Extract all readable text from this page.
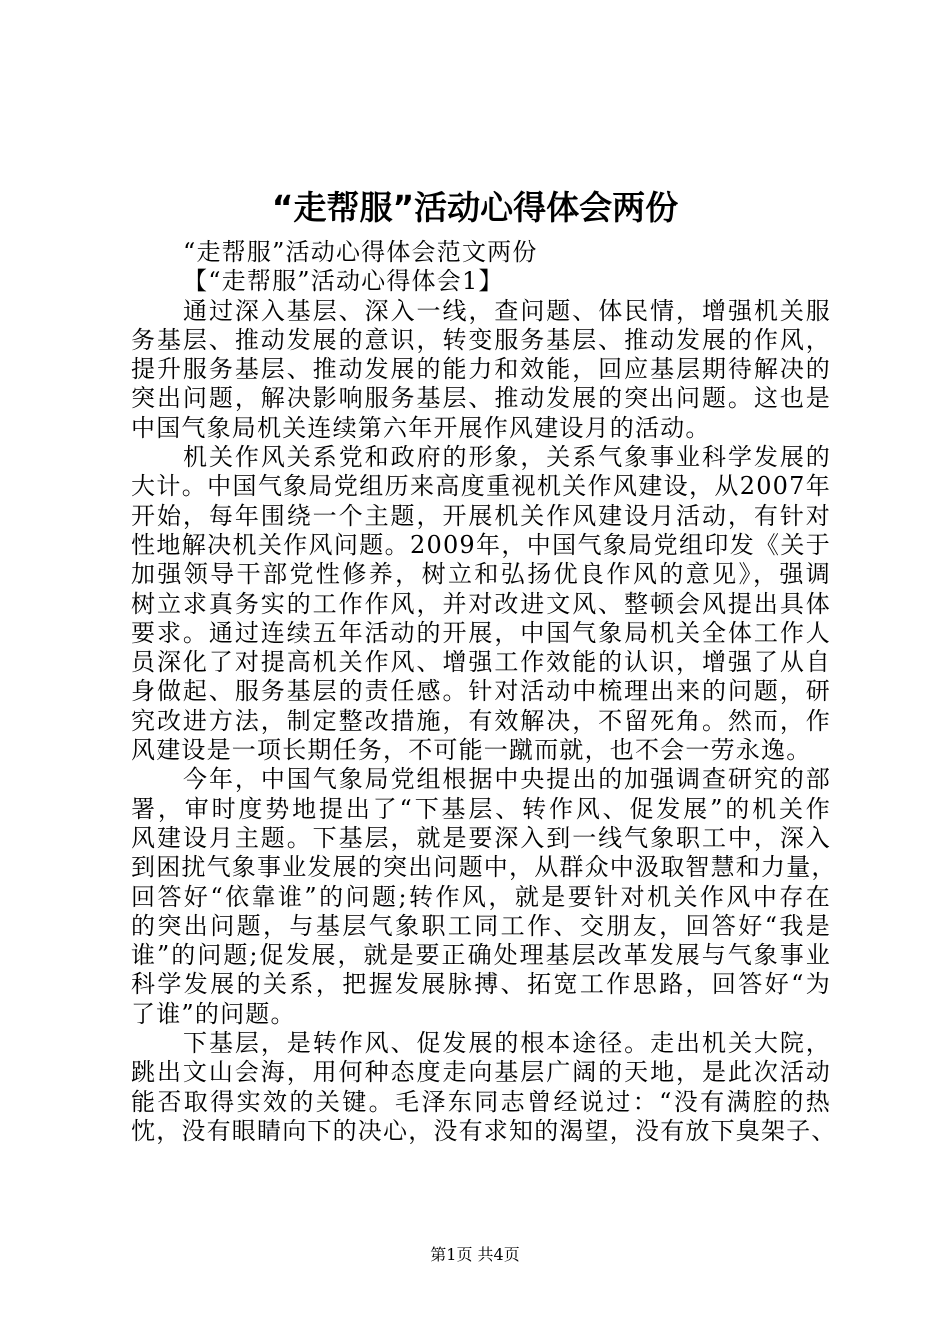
“走帮服”活动心得体会两份
“走帮服”活动心得体会范文两份
【“走帮服”活动心得体会1】
通过深入基层、深入一线，查问题、体民情，增强机关服
务基层、推动发展的意识，转变服务基层、推动发展的作风，
提升服务基层、推动发展的能力和效能，回应基层期待解决的
突出问题，解决影响服务基层、推动发展的突出问题。这也是
中国气象局机关连续第六年开展作风建设月的活动。
机关作风关系党和政府的形象，关系气象事业科学发展的
大计。中国气象局党组历来高度重视机关作风建设，从2007年
开始，每年围绕一个主题，开展机关作风建设月活动，有针对
性地解决机关作风问题。2009年，中国气象局党组印发《关于
加强领导干部党性修养，树立和弘扬优良作风的意见》，强调
树立求真务实的工作作风，并对改进文风、整顿会风提出具体
要求。通过连续五年活动的开展，中国气象局机关全体工作人
员深化了对提高机关作风、增强工作效能的认识，增强了从自
身做起、服务基层的责任感。针对活动中梳理出来的问题，研
究改进方法，制定整改措施，有效解决，不留死角。然而，作
风建设是一项长期任务，不可能一蹴而就，也不会一劳永逸。
今年，中国气象局党组根据中央提出的加强调查研究的部
署，审时度势地提出了“下基层、转作风、促发展”的机关作
风建设月主题。下基层，就是要深入到一线气象职工中，深入
到困扰气象事业发展的突出问题中，从群众中汲取智慧和力量，
回答好“依靠谁”的问题;转作风，就是要针对机关作风中存在
的突出问题，与基层气象职工同工作、交朋友，回答好“我是
谁”的问题;促发展，就是要正确处理基层改革发展与气象事业
科学发展的关系，把握发展脉搏、拓宽工作思路，回答好“为
了谁”的问题。
下基层，是转作风、促发展的根本途径。走出机关大院，
跳出文山会海，用何种态度走向基层广阔的天地，是此次活动
能否取得实效的关键。毛泽东同志曾经说过：“没有满腔的热
忱，没有眼睛向下的决心，没有求知的渴望，没有放下臭架子、
第1页 共4页
